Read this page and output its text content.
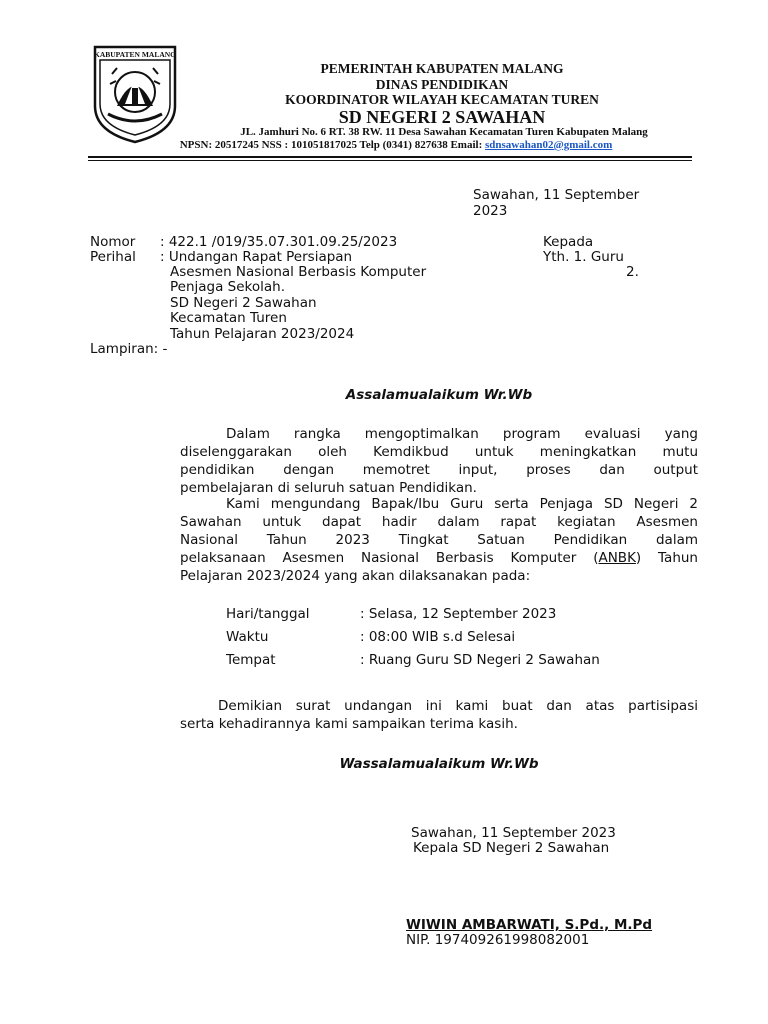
KABUPATEN MALANG
PEMERINTAH KABUPATEN MALANG
DINAS PENDIDIKAN
KOORDINATOR WILAYAH KECAMATAN TUREN
SD NEGERI 2 SAWAHAN
JL. Jamhuri No. 6 RT. 38 RW. 11 Desa Sawahan Kecamatan Turen Kabupaten Malang
NPSN: 20517245 NSS : 101051817025 Telp (0341) 827638 Email: sdnsawahan02@gmail.com
Sawahan, 11 September
2023
Nomor : 422.1 /019/35.07.301.09.25/2023
Perihal : Undangan Rapat Persiapan
Asesmen Nasional Berbasis Komputer
Penjaga Sekolah.
SD Negeri 2 Sawahan
Kecamatan Turen
Tahun Pelajaran 2023/2024
Lampiran: -
Kepada
Yth. 1. Guru
2.
Assalamualaikum Wr.Wb
Dalam rangka mengoptimalkan program evaluasi yang
diselenggarakan oleh Kemdikbud untuk meningkatkan mutu
pendidikan dengan memotret input, proses dan output
pembelajaran di seluruh satuan Pendidikan.
Kami mengundang Bapak/Ibu Guru serta Penjaga SD Negeri 2
Sawahan untuk dapat hadir dalam rapat kegiatan Asesmen
Nasional Tahun 2023 Tingkat Satuan Pendidikan dalam
pelaksanaan Asesmen Nasional Berbasis Komputer (ANBK) Tahun
Pelajaran 2023/2024 yang akan dilaksanakan pada:
Hari/tanggal	: Selasa, 12 September 2023
Waktu	: 08:00 WIB s.d Selesai
Tempat	: Ruang Guru SD Negeri 2 Sawahan
Demikian surat undangan ini kami buat dan atas partisipasi
serta kehadirannya kami sampaikan terima kasih.
Wassalamualaikum Wr.Wb
Sawahan, 11 September 2023
Kepala SD Negeri 2 Sawahan
WIWIN AMBARWATI, S.Pd., M.Pd
NIP. 197409261998082001
